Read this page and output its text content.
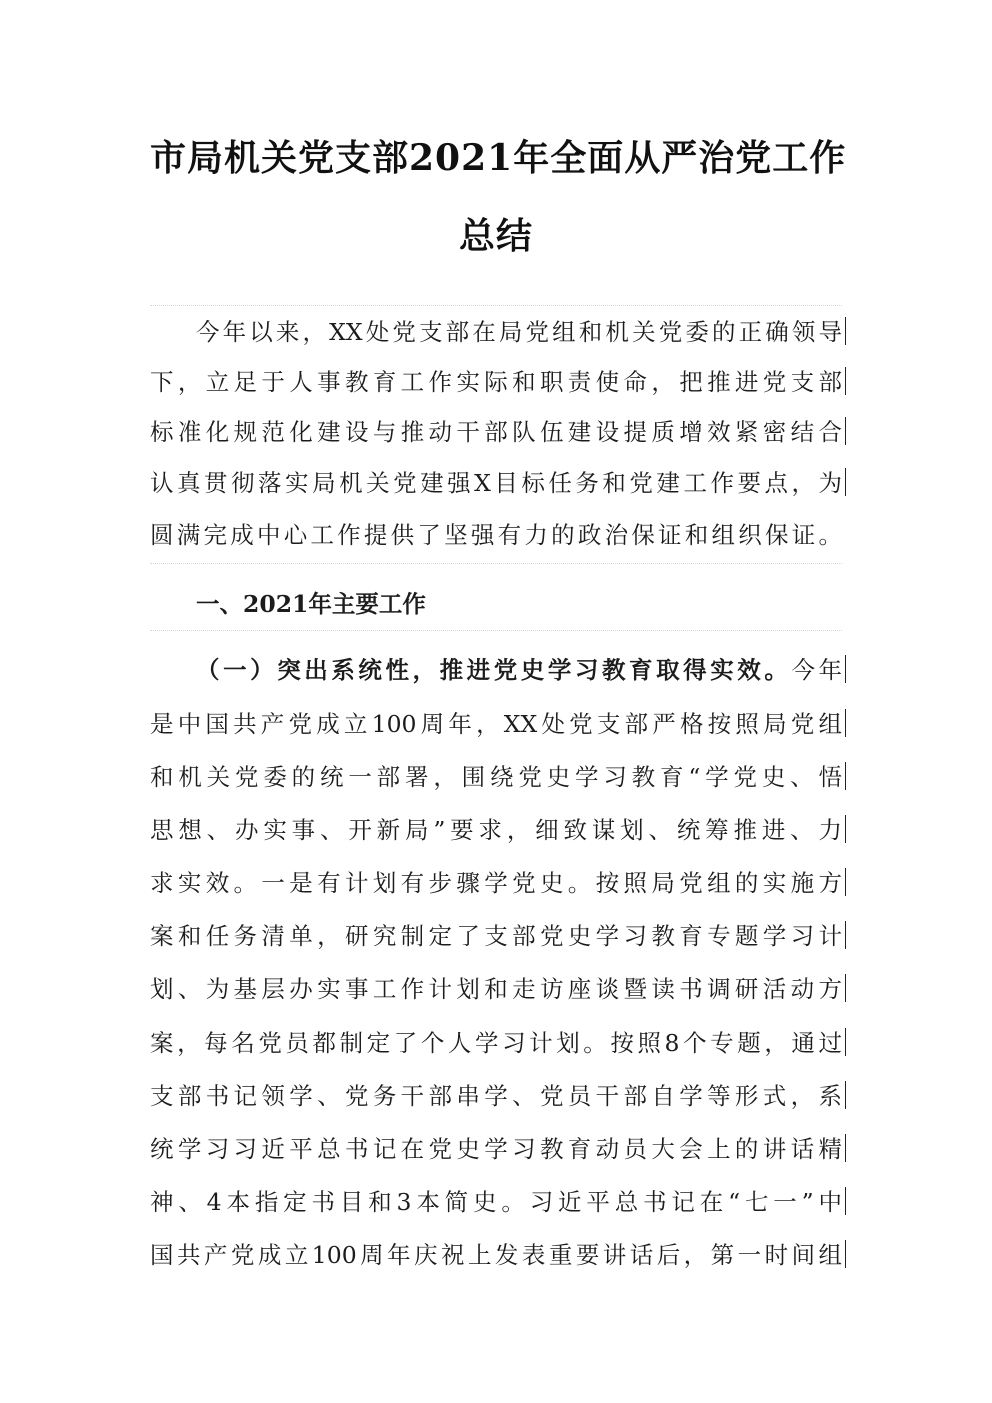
市局机关党支部2021年全面从严治党工作
总结
今年以来，XX处党支部在局党组和机关党委的正确领导
下，立足于人事教育工作实际和职责使命，把推进党支部
标准化规范化建设与推动干部队伍建设提质增效紧密结合
认真贯彻落实局机关党建强X目标任务和党建工作要点，为
圆满完成中心工作提供了坚强有力的政治保证和组织保证。
一、2021年主要工作
（一）突出系统性，推进党史学习教育取得实效。今年
是中国共产党成立100周年，XX处党支部严格按照局党组
和机关党委的统一部署，围绕党史学习教育“学党史、悟
思想、办实事、开新局”要求，细致谋划、统筹推进、力
求实效。一是有计划有步骤学党史。按照局党组的实施方
案和任务清单，研究制定了支部党史学习教育专题学习计
划、为基层办实事工作计划和走访座谈暨读书调研活动方
案，每名党员都制定了个人学习计划。按照8个专题，通过
支部书记领学、党务干部串学、党员干部自学等形式，系
统学习习近平总书记在党史学习教育动员大会上的讲话精
神、4本指定书目和3本简史。习近平总书记在“七一”中
国共产党成立100周年庆祝上发表重要讲话后，第一时间组
